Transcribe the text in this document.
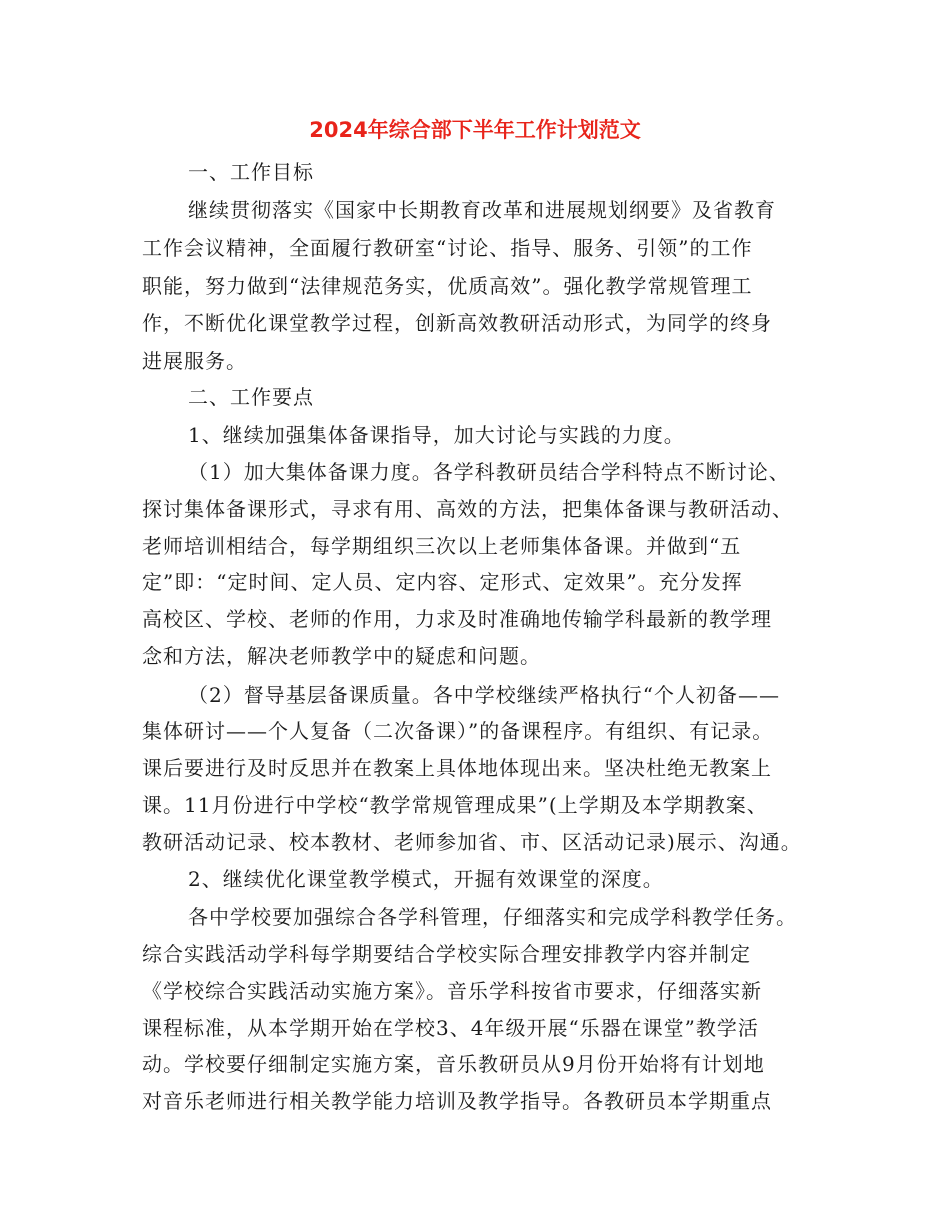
2024年综合部下半年工作计划范文
一、工作目标
继续贯彻落实《国家中长期教育改革和进展规划纲要》及省教育
工作会议精神，全面履行教研室“讨论、指导、服务、引领”的工作
职能，努力做到“法律规范务实，优质高效”。强化教学常规管理工
作，不断优化课堂教学过程，创新高效教研活动形式，为同学的终身
进展服务。
二、工作要点
1、继续加强集体备课指导，加大讨论与实践的力度。
（1）加大集体备课力度。各学科教研员结合学科特点不断讨论、
探讨集体备课形式，寻求有用、高效的方法，把集体备课与教研活动、
老师培训相结合，每学期组织三次以上老师集体备课。并做到“五
定”即：“定时间、定人员、定内容、定形式、定效果”。充分发挥
高校区、学校、老师的作用，力求及时准确地传输学科最新的教学理
念和方法，解决老师教学中的疑虑和问题。
（2）督导基层备课质量。各中学校继续严格执行“个人初备——
集体研讨——个人复备（二次备课）”的备课程序。有组织、有记录。
课后要进行及时反思并在教案上具体地体现出来。坚决杜绝无教案上
课。11月份进行中学校“教学常规管理成果”(上学期及本学期教案、
教研活动记录、校本教材、老师参加省、市、区活动记录)展示、沟通。
2、继续优化课堂教学模式，开掘有效课堂的深度。
各中学校要加强综合各学科管理，仔细落实和完成学科教学任务。
综合实践活动学科每学期要结合学校实际合理安排教学内容并制定
《学校综合实践活动实施方案》。音乐学科按省市要求，仔细落实新
课程标准，从本学期开始在学校3、4年级开展“乐器在课堂”教学活
动。学校要仔细制定实施方案，音乐教研员从9月份开始将有计划地
对音乐老师进行相关教学能力培训及教学指导。各教研员本学期重点
